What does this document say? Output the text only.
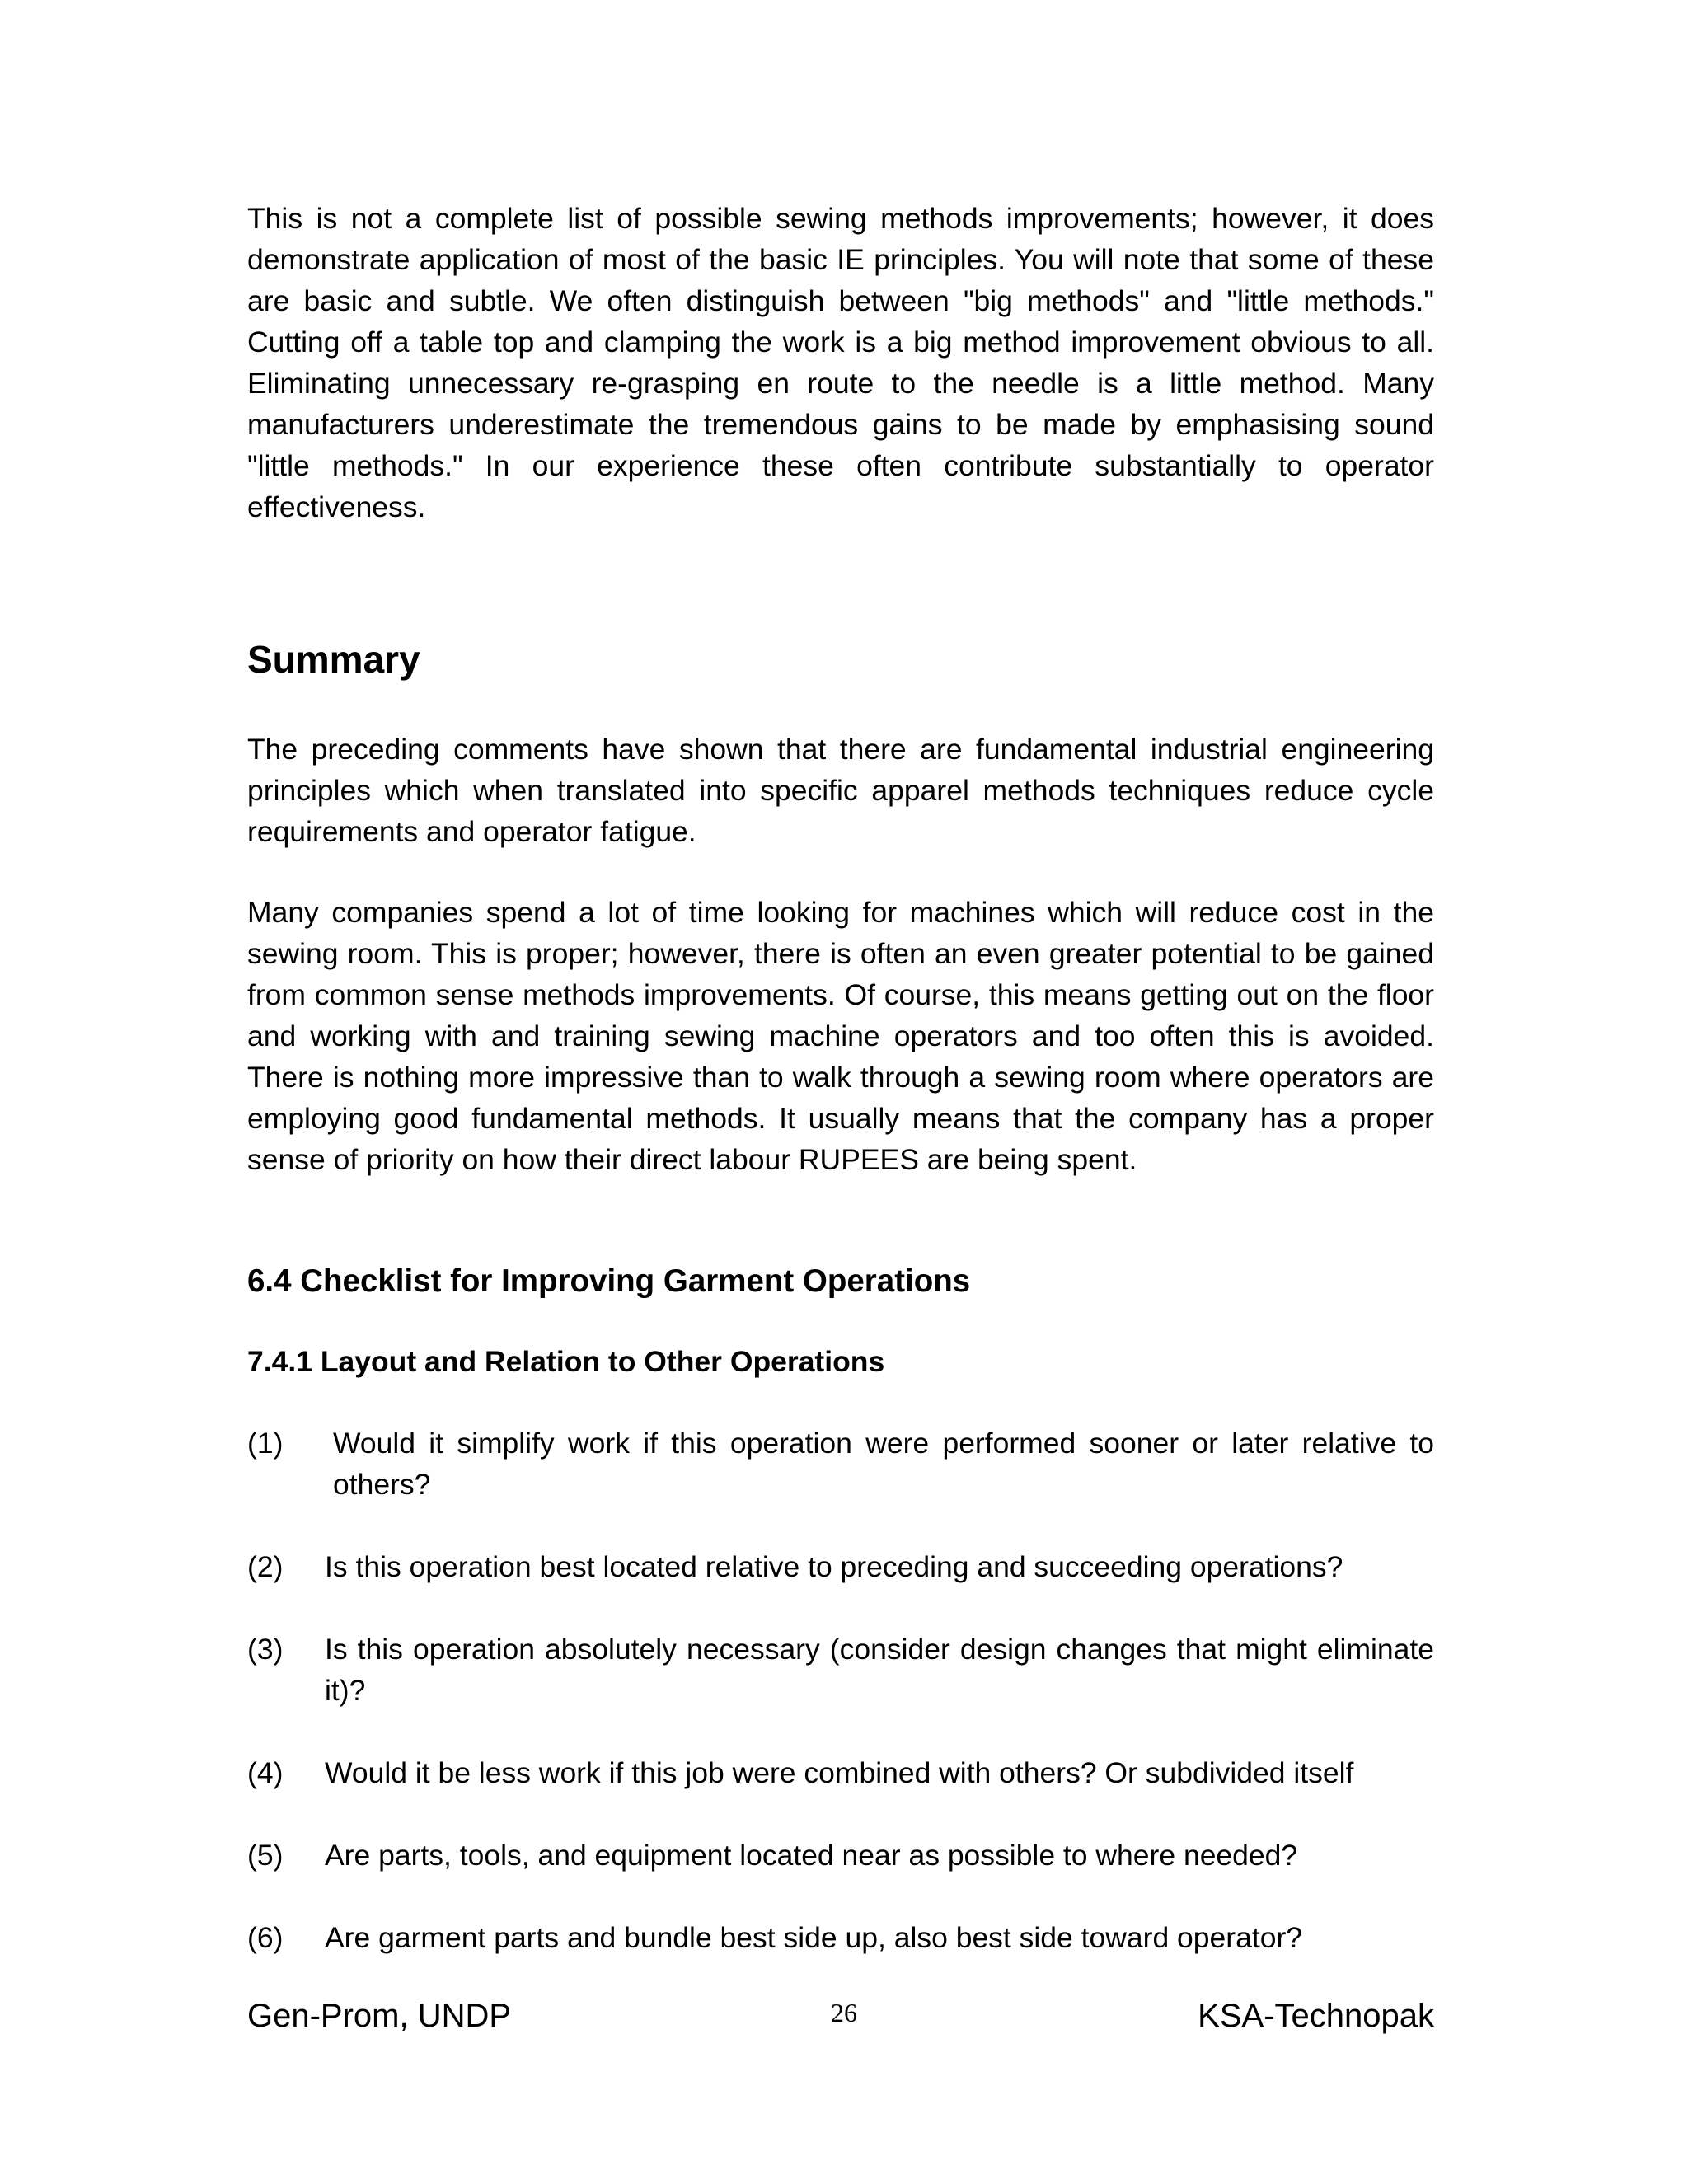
This is not a complete list of possible sewing methods improvements; however, it does demonstrate application of most of the basic IE principles. You will note that some of these are basic and subtle. We often distinguish between "big methods" and "little methods." Cutting off a table top and clamping the work is a big method improvement obvious to all. Eliminating unnecessary re-grasping en route to the needle is a little method. Many manufacturers underestimate the tremendous gains to be made by emphasising sound "little methods." In our experience these often contribute substantially to operator effectiveness.

Summary

The preceding comments have shown that there are fundamental industrial engineering principles which when translated into specific apparel methods techniques reduce cycle requirements and operator fatigue.

Many companies spend a lot of time looking for machines which will reduce cost in the sewing room. This is proper; however, there is often an even greater potential to be gained from common sense methods improvements. Of course, this means getting out on the floor and working with and training sewing machine operators and too often this is avoided. There is nothing more impressive than to walk through a sewing room where operators are employing good fundamental methods. It usually means that the company has a proper sense of priority on how their direct labour RUPEES are being spent.

6.4 Checklist for Improving Garment Operations
7.4.1 Layout and Relation to Other Operations
(1) Would it simplify work if this operation were performed sooner or later relative to others?
(2) Is this operation best located relative to preceding and succeeding operations?
(3) Is this operation absolutely necessary (consider design changes that might eliminate it)?
(4) Would it be less work if this job were combined with others? Or subdivided itself
(5) Are parts, tools, and equipment located near as possible to where needed?
(6) Are garment parts and bundle best side up, also best side toward operator?
Gen-Prom, UNDP	26	KSA-Technopak
